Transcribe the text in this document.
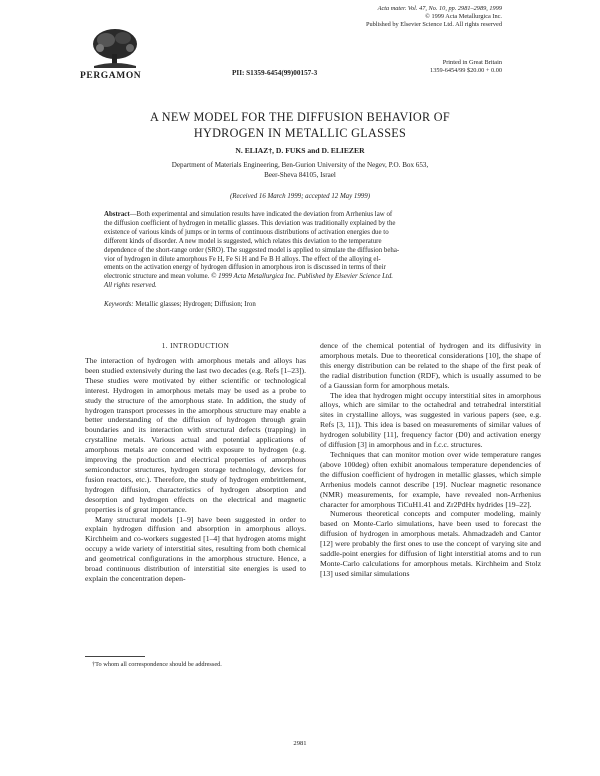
PERGAMON	PII: S1359-6454(99)00157-3
Acta mater. Vol. 47, No. 10, pp. 2981–2989, 1999
© 1999 Acta Metallurgica Inc.
Published by Elsevier Science Ltd. All rights reserved
Printed in Great Britain
1359-6454/99 $20.00 + 0.00
A NEW MODEL FOR THE DIFFUSION BEHAVIOR OF
HYDROGEN IN METALLIC GLASSES
N. ELIAZ†, D. FUKS and D. ELIEZER
Department of Materials Engineering, Ben-Gurion University of the Negev, P.O. Box 653,
Beer-Sheva 84105, Israel
(Received 16 March 1999; accepted 12 May 1999)
Abstract—Both experimental and simulation results have indicated the deviation from Arrhenius law of
the diffusion coefficient of hydrogen in metallic glasses. This deviation was traditionally explained by the
existence of various kinds of jumps or in terms of continuous distributions of activation energies due to
different kinds of disorder. A new model is suggested, which relates this deviation to the temperature
dependence of the short-range order (SRO). The suggested model is applied to simulate the diffusion beha-
vior of hydrogen in dilute amorphous Fe H, Fe Si H and Fe B H alloys. The effect of the alloying el-
ements on the activation energy of hydrogen diffusion in amorphous iron is discussed in terms of their
electronic structure and mean volume. © 1999 Acta Metallurgica Inc. Published by Elsevier Science Ltd.
All rights reserved.
Keywords: Metallic glasses; Hydrogen; Diffusion; Iron
1. INTRODUCTION

The interaction of hydrogen with amorphous metals and alloys has been studied extensively during the last two decades (e.g. Refs [1–23]). These studies were motivated by either scientific or technological interest. Hydrogen in amorphous metals may be used as a probe to study the structure of the amorphous state. In addition, the study of hydrogen transport processes in the amorphous structure may enable a better understanding of the diffusion of hydrogen through grain boundaries and its interaction with structural defects (trapping) in crystalline metals. Various actual and potential applications of amorphous metals are concerned with exposure to hydrogen (e.g. improving the production and electrical properties of amorphous semiconductor structures, hydrogen storage technology, devices for fusion reactors, etc.). Therefore, the study of hydrogen embrittlement, hydrogen diffusion, characteristics of hydrogen absorption and desorption and hydrogen effects on the electrical and magnetic properties is of great importance.

Many structural models [1–9] have been suggested in order to explain hydrogen diffusion and absorption in amorphous alloys. Kirchheim and co-workers suggested [1–4] that hydrogen atoms might occupy a wide variety of interstitial sites, resulting from both chemical and geometrical configurations in the amorphous structure. Hence, a broad continuous distribution of interstitial site energies is used to explain the concentration depen-

dence of the chemical potential of hydrogen and its diffusivity in amorphous metals. Due to theoretical considerations [10], the shape of this energy distribution can be related to the shape of the first peak of the radial distribution function (RDF), which is usually assumed to be of a Gaussian form for amorphous metals.

The idea that hydrogen might occupy interstitial sites in amorphous alloys, which are similar to the octahedral and tetrahedral interstitial sites in crystalline alloys, was suggested in various papers (see, e.g. Refs [3, 11]). This idea is based on measurements of similar values of hydrogen solubility [11], frequency factor (D0) and activation energy of diffusion [3] in amorphous and in f.c.c. structures.

Techniques that can monitor motion over wide temperature ranges (above 100deg) often exhibit anomalous temperature dependencies of the diffusion coefficient of hydrogen in metallic glasses, which simple Arrhenius models cannot describe [19]. Nuclear magnetic resonance (NMR) measurements, for example, have revealed non-Arrhenius character for amorphous TiCuH1.41 and Zr2PdHx hydrides [19–22].

Numerous theoretical concepts and computer modeling, mainly based on Monte-Carlo simulations, have been used to forecast the diffusion of hydrogen in amorphous metals. Ahmadzadeh and Cantor [12] were probably the first ones to use the concept of varying site and saddle-point energies for diffusion of light interstitial atoms and to run Monte-Carlo calculations for amorphous metals. Kirchheim and Stolz [13] used similar simulations

†To whom all correspondence should be addressed.
2981
